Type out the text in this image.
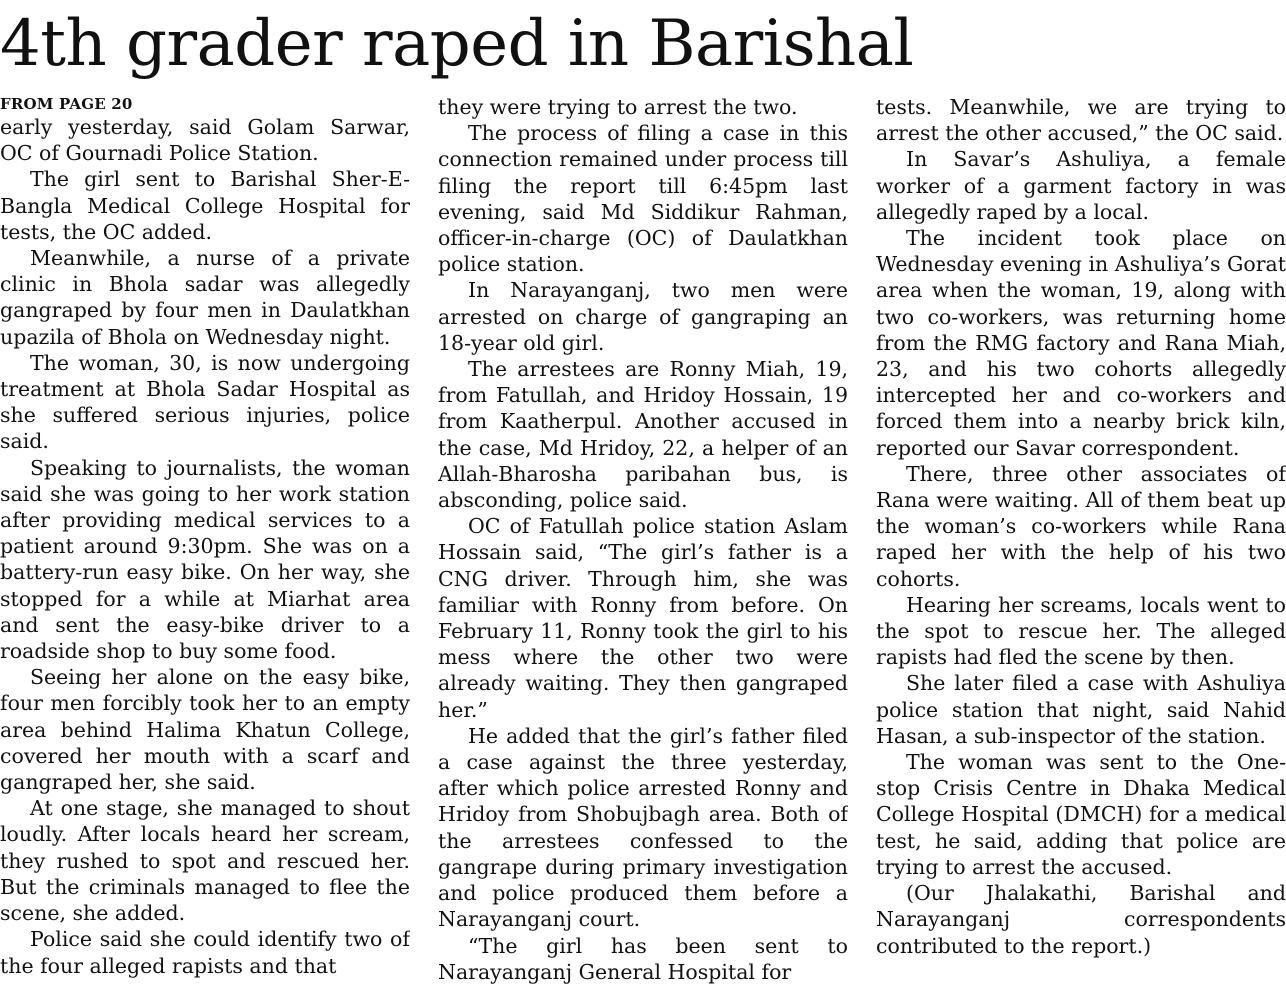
4th grader raped in Barishal
FROM PAGE 20

early yesterday, said Golam Sarwar, OC of Gournadi Police Station.

The girl sent to Barishal Sher-E-Bangla Medical College Hospital for tests, the OC added.

Meanwhile, a nurse of a private clinic in Bhola sadar was allegedly gangraped by four men in Daulatkhan upazila of Bhola on Wednesday night.

The woman, 30, is now undergoing treatment at Bhola Sadar Hospital as she suffered serious injuries, police said.

Speaking to journalists, the woman said she was going to her work station after providing medical services to a patient around 9:30pm. She was on a battery-run easy bike. On her way, she stopped for a while at Miarhat area and sent the easy-bike driver to a roadside shop to buy some food.

Seeing her alone on the easy bike, four men forcibly took her to an empty area behind Halima Khatun College, covered her mouth with a scarf and gangraped her, she said.

At one stage, she managed to shout loudly. After locals heard her scream, they rushed to spot and rescued her. But the criminals managed to flee the scene, she added.

Police said she could identify two of the four alleged rapists and that

they were trying to arrest the two.

The process of filing a case in this connection remained under process till filing the report till 6:45pm last evening, said Md Siddikur Rahman, officer-in-charge (OC) of Daulatkhan police station.

In Narayanganj, two men were arrested on charge of gangraping an 18-year old girl.

The arrestees are Ronny Miah, 19, from Fatullah, and Hridoy Hossain, 19 from Kaatherpul. Another accused in the case, Md Hridoy, 22, a helper of an Allah-Bharosha paribahan bus, is absconding, police said.

OC of Fatullah police station Aslam Hossain said, “The girl’s father is a CNG driver. Through him, she was familiar with Ronny from before. On February 11, Ronny took the girl to his mess where the other two were already waiting. They then gangraped her.”

He added that the girl’s father filed a case against the three yesterday, after which police arrested Ronny and Hridoy from Shobujbagh area. Both of the arrestees confessed to the gangrape during primary investigation and police produced them before a Narayanganj court.

“The girl has been sent to Narayanganj General Hospital for

tests. Meanwhile, we are trying to arrest the other accused,” the OC said.

In Savar’s Ashuliya, a female worker of a garment factory in was allegedly raped by a local.

The incident took place on Wednesday evening in Ashuliya’s Gorat area when the woman, 19, along with two co-workers, was returning home from the RMG factory and Rana Miah, 23, and his two cohorts allegedly intercepted her and co-workers and forced them into a nearby brick kiln, reported our Savar correspondent.

There, three other associates of Rana were waiting. All of them beat up the woman’s co-workers while Rana raped her with the help of his two cohorts.

Hearing her screams, locals went to the spot to rescue her. The alleged rapists had fled the scene by then.

She later filed a case with Ashuliya police station that night, said Nahid Hasan, a sub-inspector of the station.

The woman was sent to the One-stop Crisis Centre in Dhaka Medical College Hospital (DMCH) for a medical test, he said, adding that police are trying to arrest the accused.

(Our Jhalakathi, Barishal and Narayanganj correspondents contributed to the report.)
